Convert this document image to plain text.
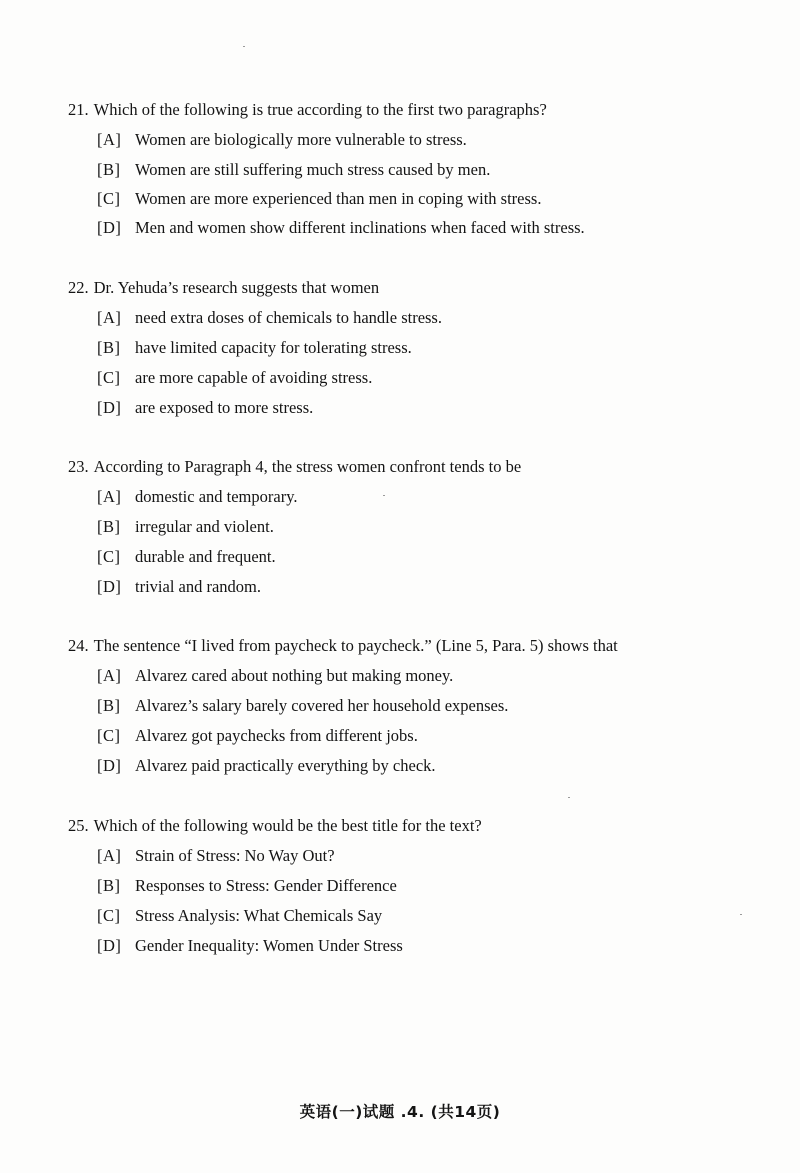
21. Which of the following is true according to the first two paragraphs?
[A] Women are biologically more vulnerable to stress.
[B] Women are still suffering much stress caused by men.
[C] Women are more experienced than men in coping with stress.
[D] Men and women show different inclinations when faced with stress.
22. Dr. Yehuda’s research suggests that women
[A] need extra doses of chemicals to handle stress.
[B] have limited capacity for tolerating stress.
[C] are more capable of avoiding stress.
[D] are exposed to more stress.
23. According to Paragraph 4, the stress women confront tends to be
[A] domestic and temporary.
[B] irregular and violent.
[C] durable and frequent.
[D] trivial and random.
24. The sentence “I lived from paycheck to paycheck.” (Line 5, Para. 5) shows that
[A] Alvarez cared about nothing but making money.
[B] Alvarez’s salary barely covered her household expenses.
[C] Alvarez got paychecks from different jobs.
[D] Alvarez paid practically everything by check.
25. Which of the following would be the best title for the text?
[A] Strain of Stress: No Way Out?
[B] Responses to Stress: Gender Difference
[C] Stress Analysis: What Chemicals Say
[D] Gender Inequality: Women Under Stress
英语(一)试题 .4. (共14页)
